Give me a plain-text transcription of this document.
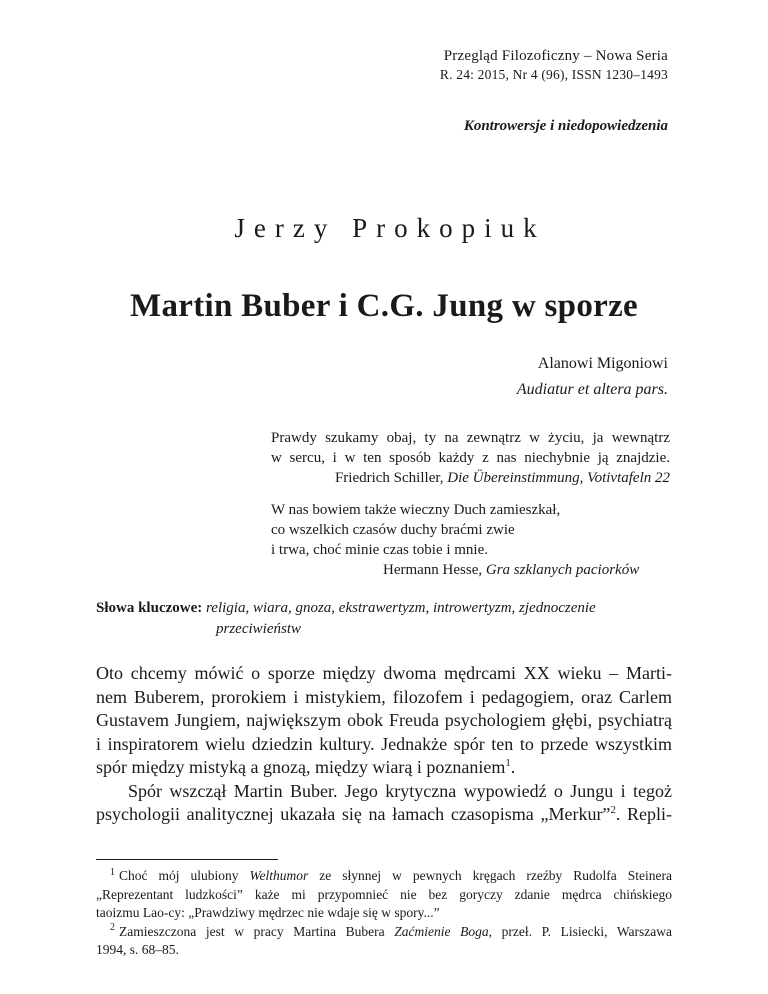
Przegląd Filozoficzny – Nowa Seria
R. 24: 2015, Nr 4 (96), ISSN 1230–1493
Kontrowersje i niedopowiedzenia
Jerzy Prokopiuk
Martin Buber i C.G. Jung w sporze
Alanowi Migoniowi
Audiatur et altera pars.
Prawdy szukamy obaj, ty na zewnątrz w życiu, ja wewnątrz
w sercu, i w ten sposób każdy z nas niechybnie ją znajdzie.
Friedrich Schiller, Die Übereinstimmung, Votivtafeln 22
W nas bowiem także wieczny Duch zamieszkał,
co wszelkich czasów duchy braćmi zwie
i trwa, choć minie czas tobie i mnie.
Hermann Hesse, Gra szklanych paciorków
Słowa kluczowe: religia, wiara, gnoza, ekstrawertyzm, introwertyzm, zjednoczenie
przeciwieństw
Oto chcemy mówić o sporze między dwoma mędrcami XX wieku – Marti-
nem Buberem, prorokiem i mistykiem, filozofem i pedagogiem, oraz Carlem
Gustavem Jungiem, największym obok Freuda psychologiem głębi, psychiatrą
i inspiratorem wielu dziedzin kultury. Jednakże spór ten to przede wszystkim
spór między mistyką a gnozą, między wiarą i poznaniem$^1$.
Spór wszczął Martin Buber. Jego krytyczna wypowiedź o Jungu i tegoż
psychologii analitycznej ukazała się na łamach czasopisma „Merkur”$^2$. Repli-
$^1$ Choć mój ulubiony Welthumor ze słynnej w pewnych kręgach rzeźby Rudolfa Steinera
„Reprezentant ludzkości” każe mi przypomnieć nie bez goryczy zdanie mędrca chińskiego
taoizmu Lao-cy: „Prawdziwy mędrzec nie wdaje się w spory...”
$^2$ Zamieszczona jest w pracy Martina Bubera Zaćmienie Boga, przeł. P. Lisiecki, Warszawa
1994, s. 68–85.
